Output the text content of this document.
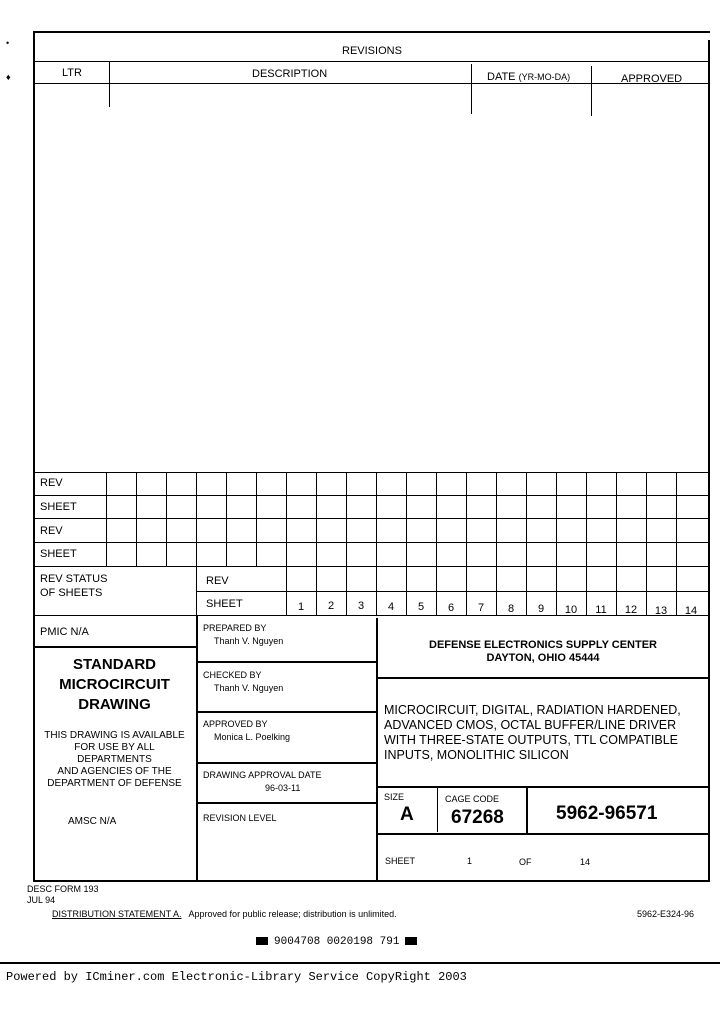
•
♦
REVISIONS
LTR	DESCRIPTION	DATE (YR-MO-DA)	APPROVED
REV
SHEET
REV
SHEET
REV STATUS
OF SHEETS
REV
SHEET	1	2	3	4	5	6	7	8	9	10	11	12	13	14
PMIC N/A
STANDARD
MICROCIRCUIT
DRAWING
THIS DRAWING IS AVAILABLE
FOR USE BY ALL
DEPARTMENTS
AND AGENCIES OF THE
DEPARTMENT OF DEFENSE
AMSC N/A
PREPARED BY
Thanh V. Nguyen
CHECKED BY
Thanh V. Nguyen
APPROVED BY
Monica L. Poelking
DRAWING APPROVAL DATE
96-03-11
REVISION LEVEL
DEFENSE ELECTRONICS SUPPLY CENTER
DAYTON, OHIO 45444
MICROCIRCUIT, DIGITAL, RADIATION HARDENED,
ADVANCED CMOS, OCTAL BUFFER/LINE DRIVER
WITH THREE-STATE OUTPUTS, TTL COMPATIBLE
INPUTS, MONOLITHIC SILICON
SIZE
A
CAGE CODE
67268	5962-96571
SHEET	1	OF	14
DESC FORM 193
JUL 94
DISTRIBUTION STATEMENT A. Approved for public release; distribution is unlimited.	5962-E324-96
9004708 0020198 791
Powered by ICminer.com Electronic-Library Service CopyRight 2003
